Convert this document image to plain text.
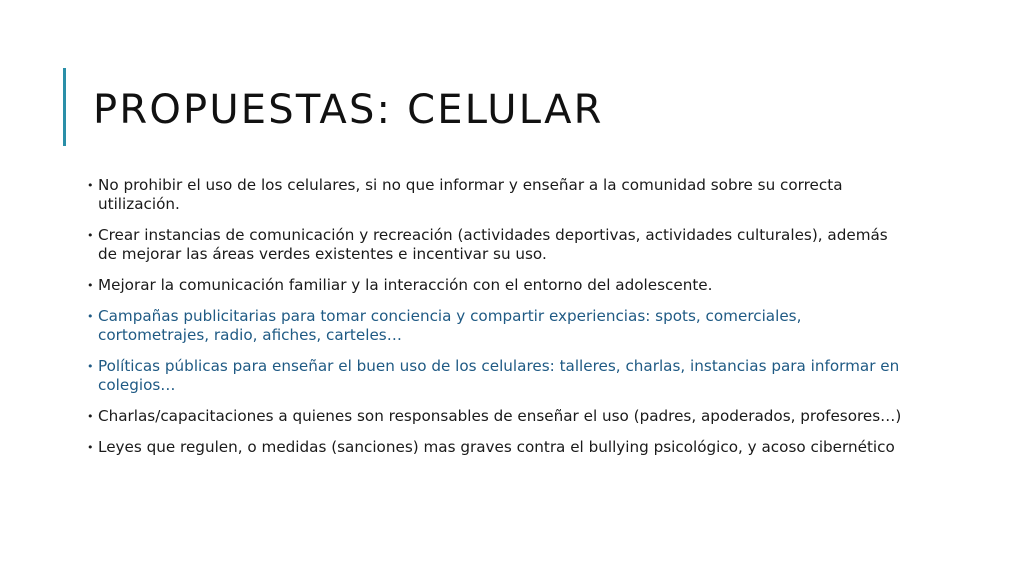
PROPUESTAS: CELULAR
• No prohibir el uso de los celulares, si no que informar y enseñar a la comunidad sobre su correcta utilización.
• Crear instancias de comunicación y recreación (actividades deportivas, actividades culturales), además de mejorar las áreas verdes existentes e incentivar su uso.
• Mejorar la comunicación familiar y la interacción con el entorno del adolescente.
• Campañas publicitarias para tomar conciencia y compartir experiencias: spots, comerciales, cortometrajes, radio, afiches, carteles…
• Políticas públicas para enseñar el buen uso de los celulares: talleres, charlas, instancias para informar en colegios…
• Charlas/capacitaciones a quienes son responsables de enseñar el uso (padres, apoderados, profesores…)
• Leyes que regulen, o medidas (sanciones) mas graves contra el bullying psicológico, y acoso cibernético
